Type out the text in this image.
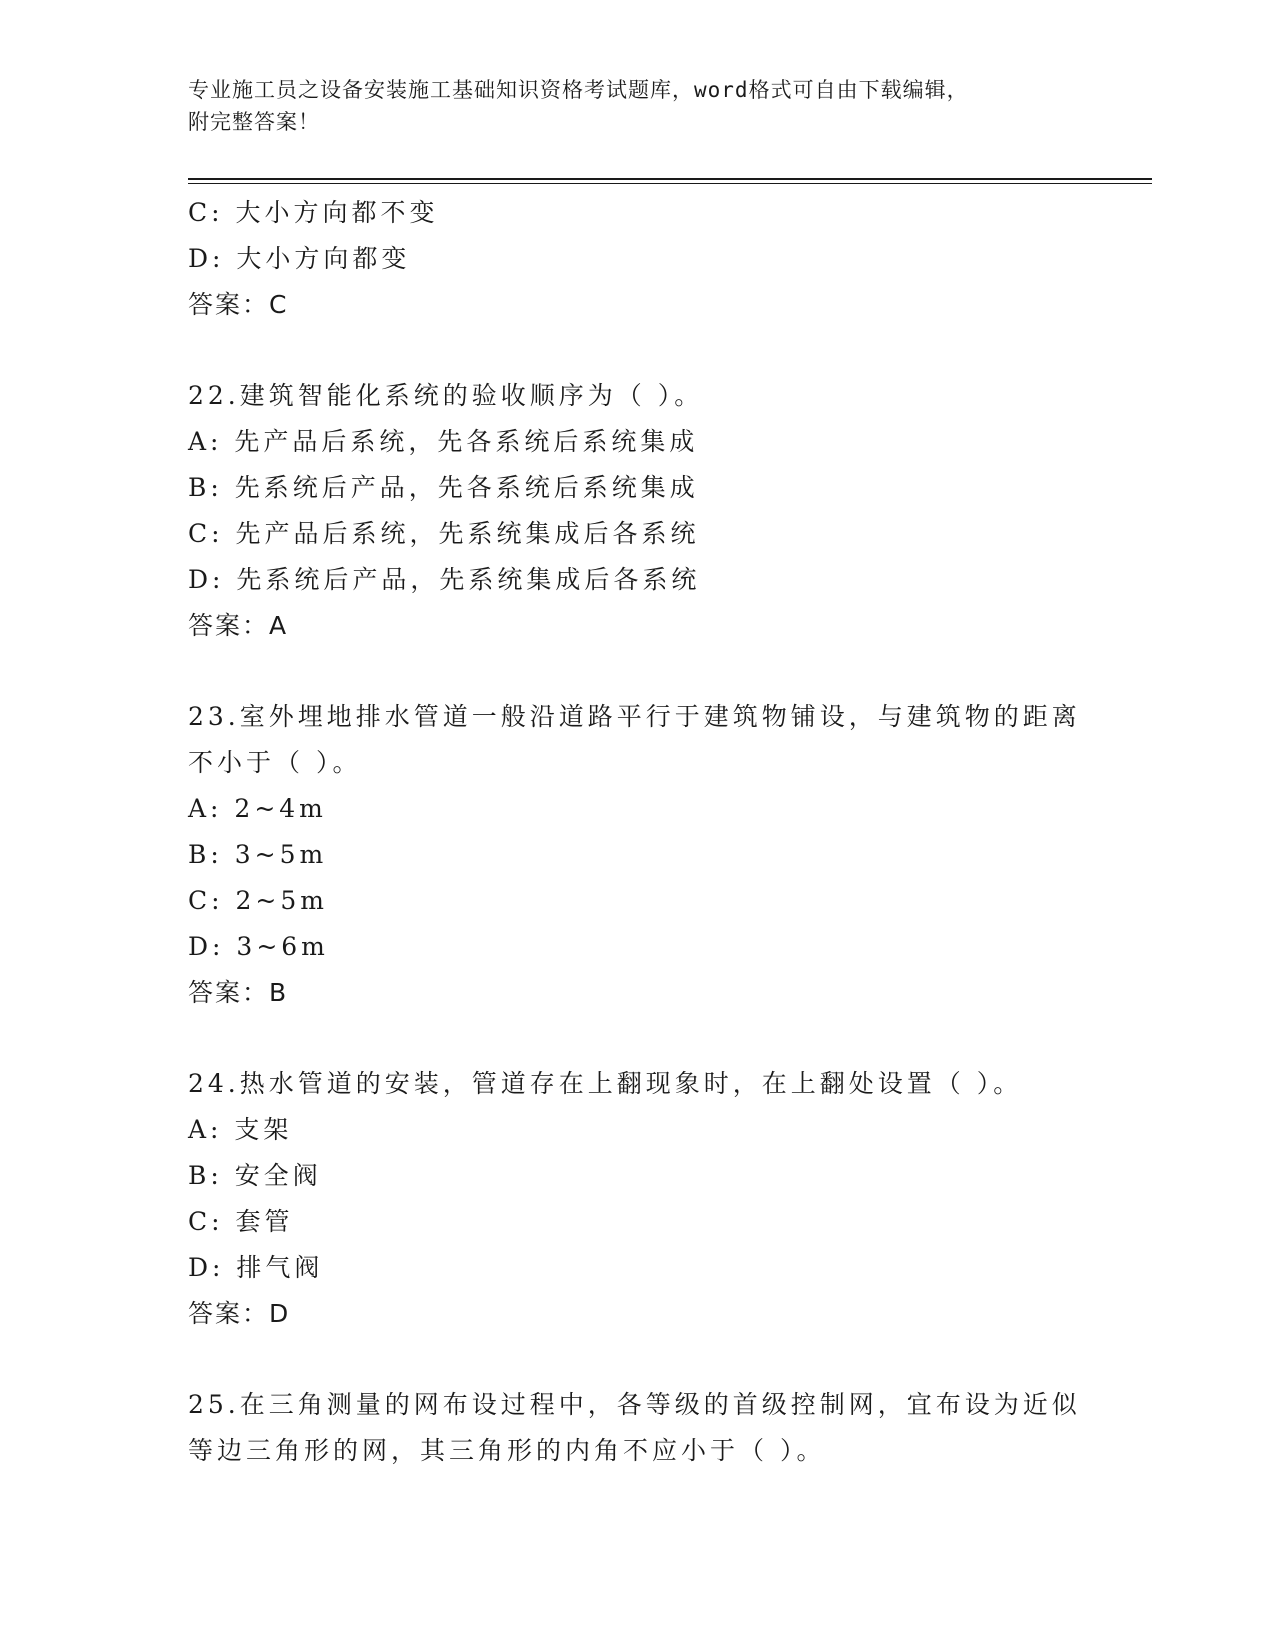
专业施工员之设备安装施工基础知识资格考试题库，word格式可自由下载编辑，
附完整答案！
C: 大小方向都不变
D: 大小方向都变
答案：C
22.建筑智能化系统的验收顺序为（ ）。
A: 先产品后系统，先各系统后系统集成
B: 先系统后产品，先各系统后系统集成
C: 先产品后系统，先系统集成后各系统
D: 先系统后产品，先系统集成后各系统
答案：A
23.室外埋地排水管道一般沿道路平行于建筑物铺设，与建筑物的距离
不小于（ ）。
A: 2~4m
B: 3~5m
C: 2~5m
D: 3~6m
答案：B
24.热水管道的安装，管道存在上翻现象时，在上翻处设置（ ）。
A: 支架
B: 安全阀
C: 套管
D: 排气阀
答案：D
25.在三角测量的网布设过程中，各等级的首级控制网，宜布设为近似
等边三角形的网，其三角形的内角不应小于（ ）。
